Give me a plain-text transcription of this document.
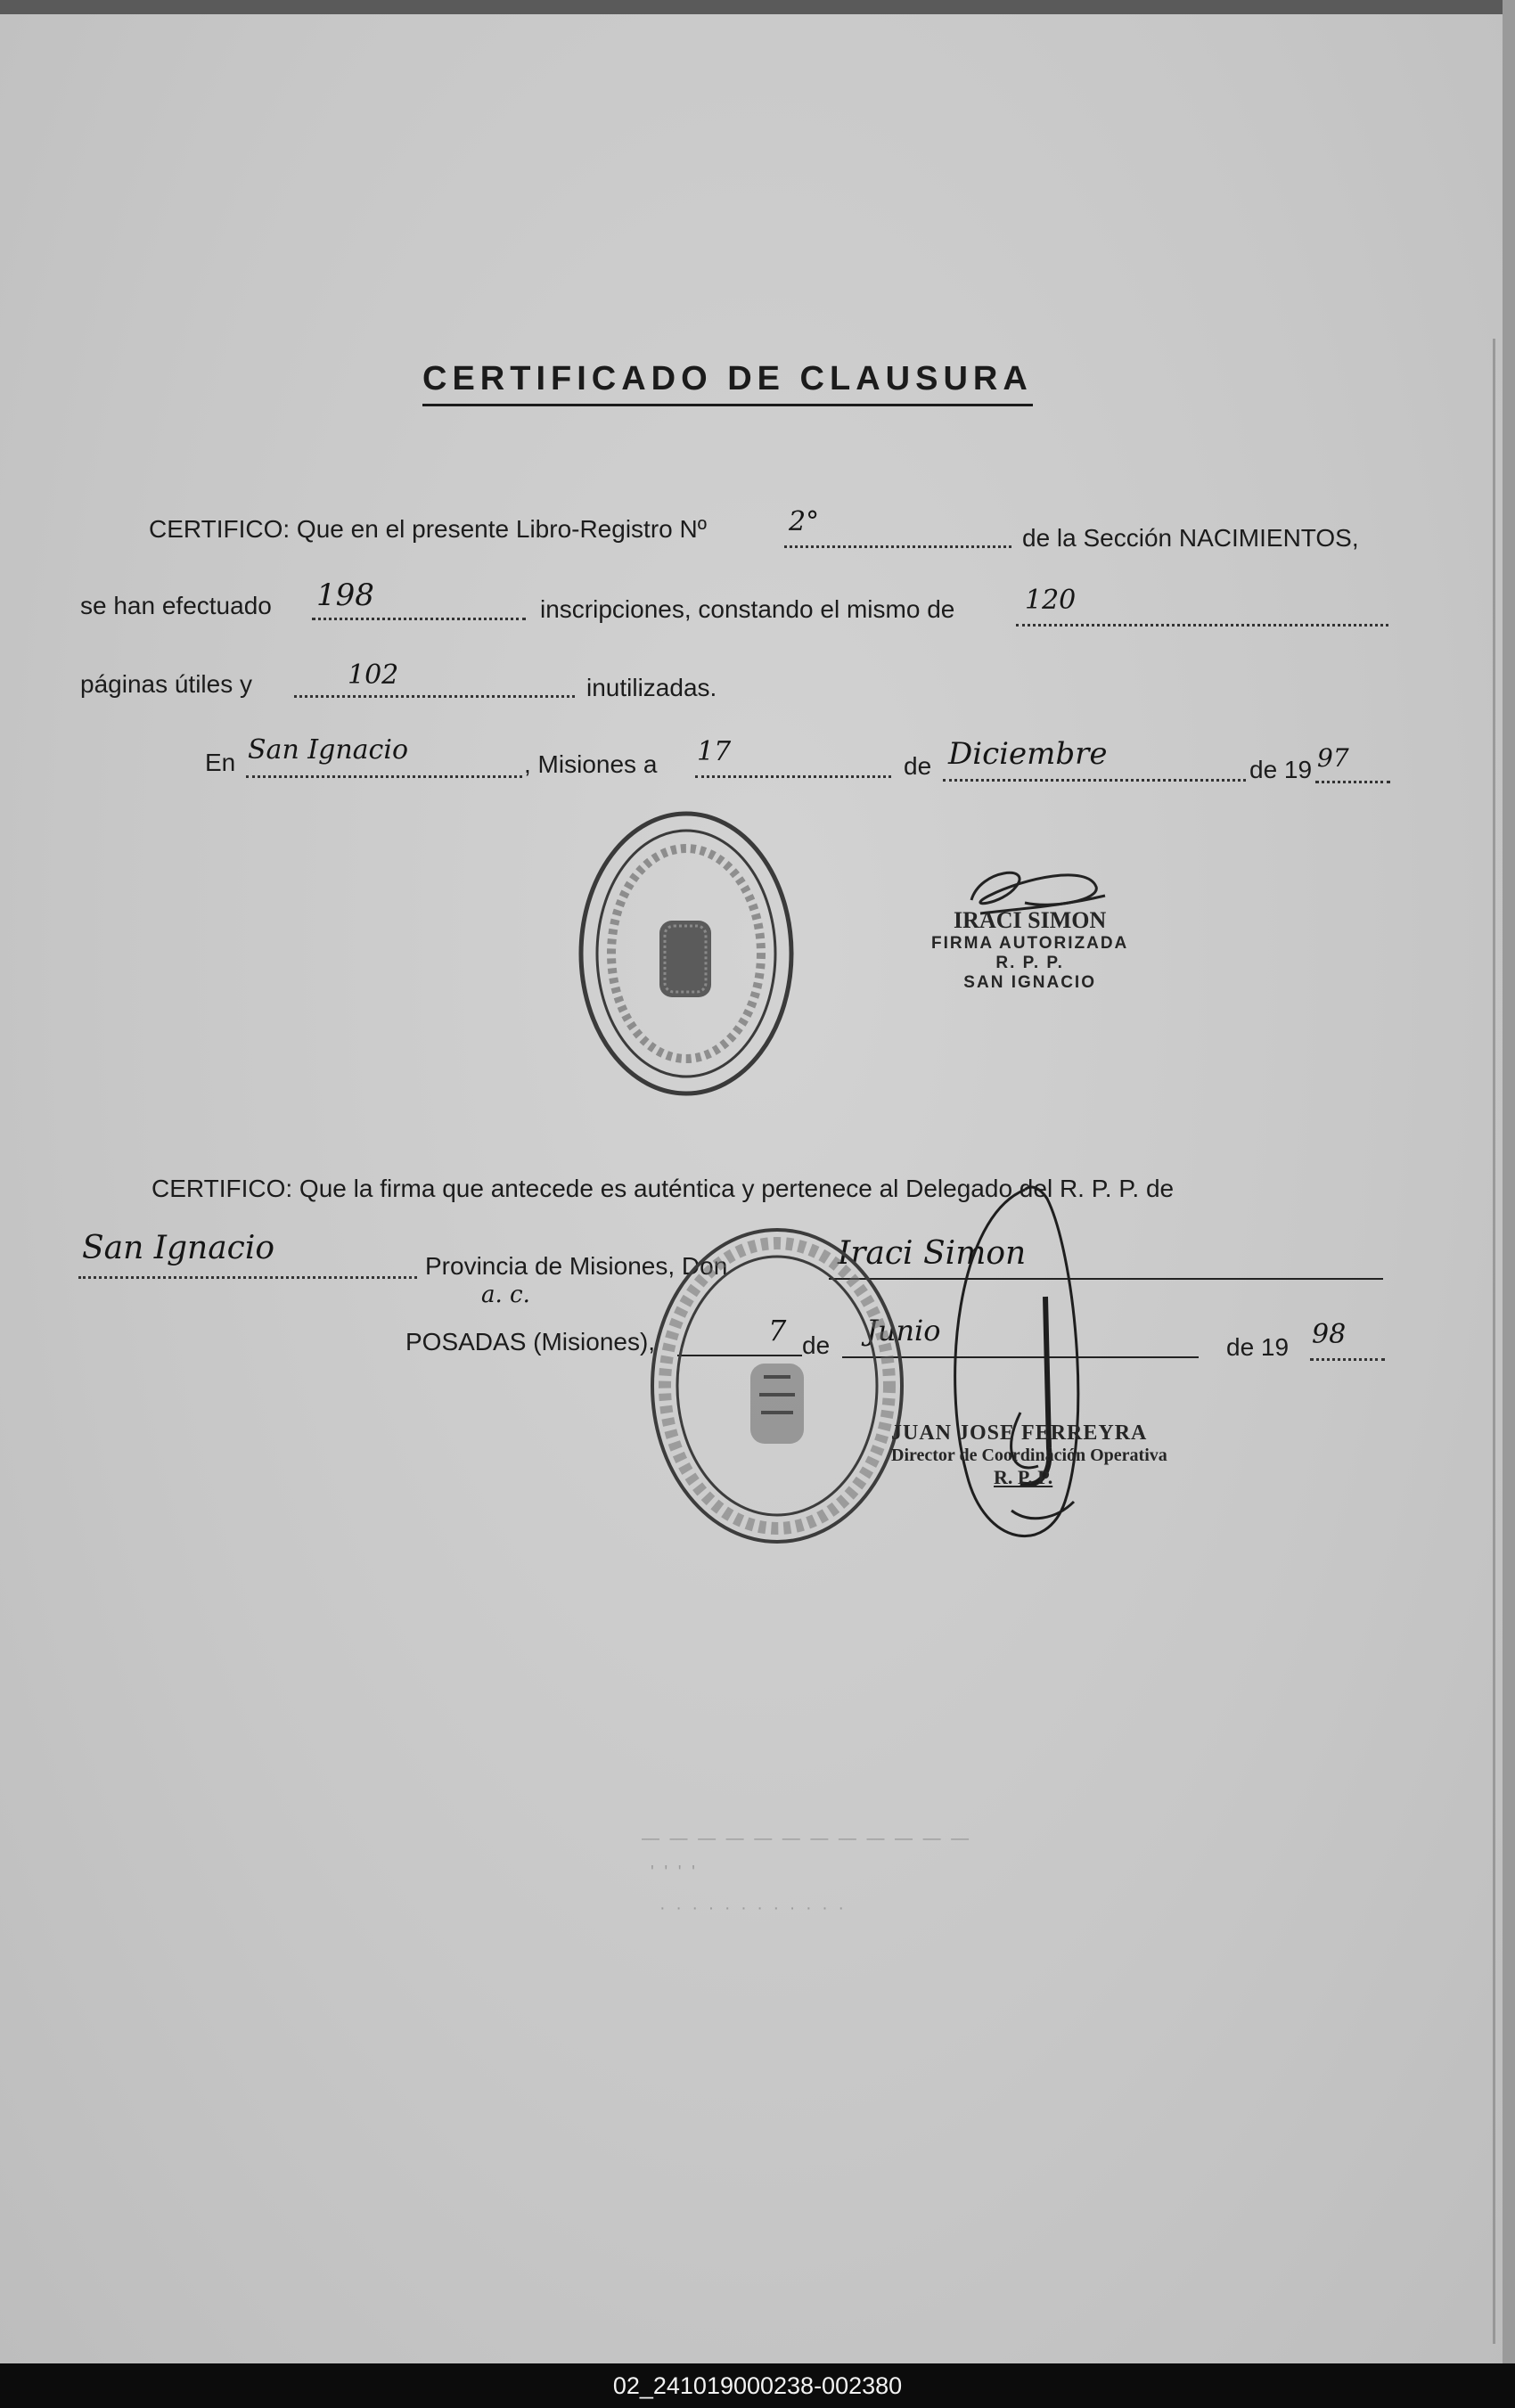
CERTIFICADO DE CLAUSURA
CERTIFICO: Que en el presente Libro-Registro Nº	2°
de la Sección NACIMIENTOS,
se han efectuado 198	inscripciones, constando el mismo de	120
páginas útiles y	102	inutilizadas.
En San Ignacio	, Misiones a 17	de Diciembre	de 19 97
IRACI SIMON
FIRMA AUTORIZADA
R. P. P.
SAN IGNACIO
CERTIFICO: Que la firma que antecede es auténtica y pertenece al Delegado del R. P. P. de
San Ignacio	Provincia de Misiones, Don	Iraci Simon
a. c.
POSADAS (Misiones),	7 de Junio	de 19 98
JUAN JOSE FERREYRA
Director de Coordinación Operativa
R. P. P.
— — — — — — — — — — — —
' ' ' '
· · · · · · · · · · · ·
02_241019000238-002380
